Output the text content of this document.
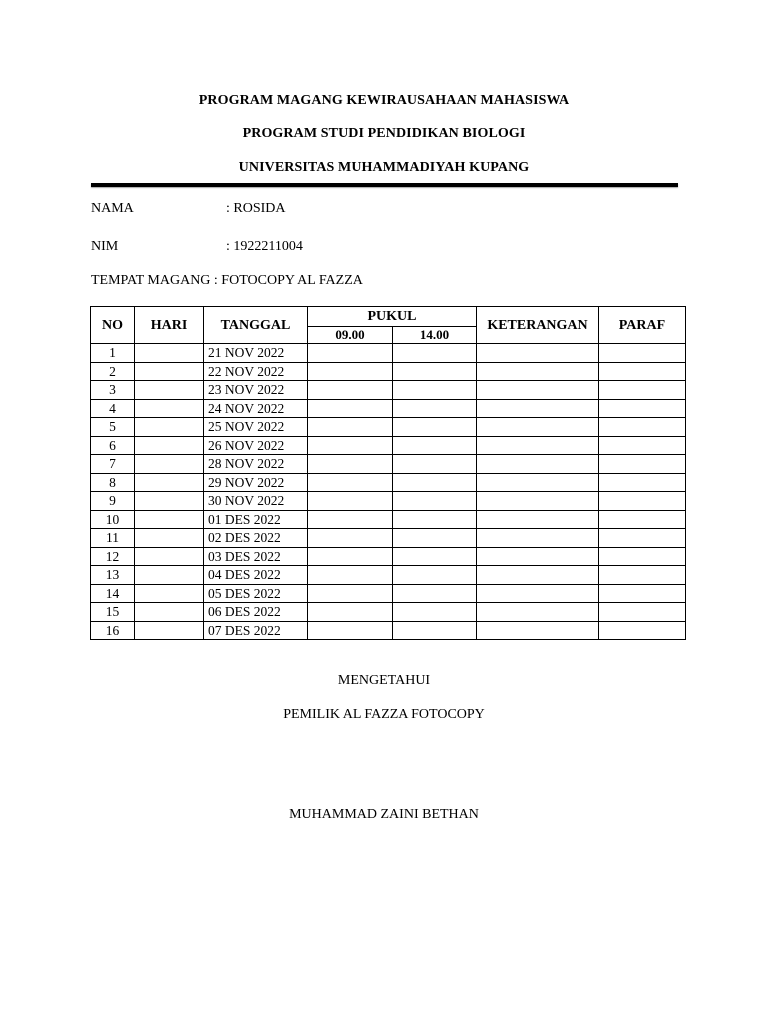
PROGRAM MAGANG KEWIRAUSAHAAN MAHASISWA
PROGRAM STUDI PENDIDIKAN BIOLOGI
UNIVERSITAS MUHAMMADIYAH KUPANG
NAMA	: ROSIDA
NIM	: 1922211004
TEMPAT MAGANG : FOTOCOPY AL FAZZA
NO	HARI	TANGGAL	PUKUL		KETERANGAN	PARAF
			09.00	14.00		
1		21 NOV 2022				
2		22 NOV 2022				
3		23 NOV 2022				
4		24 NOV 2022				
5		25 NOV 2022				
6		26 NOV 2022				
7		28 NOV 2022				
8		29 NOV 2022				
9		30 NOV 2022				
10		01 DES 2022				
11		02 DES 2022				
12		03 DES 2022				
13		04 DES 2022				
14		05 DES 2022				
15		06 DES 2022				
16		07 DES 2022				
MENGETAHUI
PEMILIK AL FAZZA FOTOCOPY
MUHAMMAD ZAINI BETHAN
